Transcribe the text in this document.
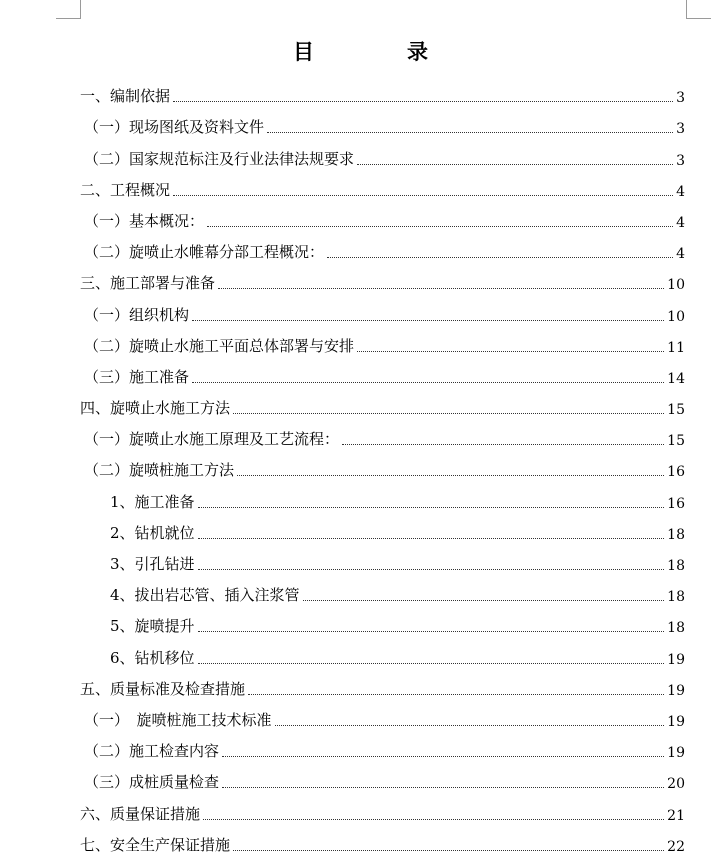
目　录
一、编制依据	3
（一）现场图纸及资料文件	3
（二）国家规范标注及行业法律法规要求	3
二、工程概况	4
（一）基本概况：	4
（二）旋喷止水帷幕分部工程概况：	4
三、施工部署与准备	10
（一）组织机构	10
（二）旋喷止水施工平面总体部署与安排	11
（三）施工准备	14
四、旋喷止水施工方法	15
（一）旋喷止水施工原理及工艺流程：	15
（二）旋喷桩施工方法	16
1、施工准备	16
2、钻机就位	18
3、引孔钻进	18
4、拔出岩芯管、插入注浆管	18
5、旋喷提升	18
6、钻机移位	19
五、质量标准及检查措施	19
（一）　旋喷桩施工技术标准	19
（二）施工检查内容	19
（三）成桩质量检查	20
六、质量保证措施	21
七、安全生产保证措施	22
